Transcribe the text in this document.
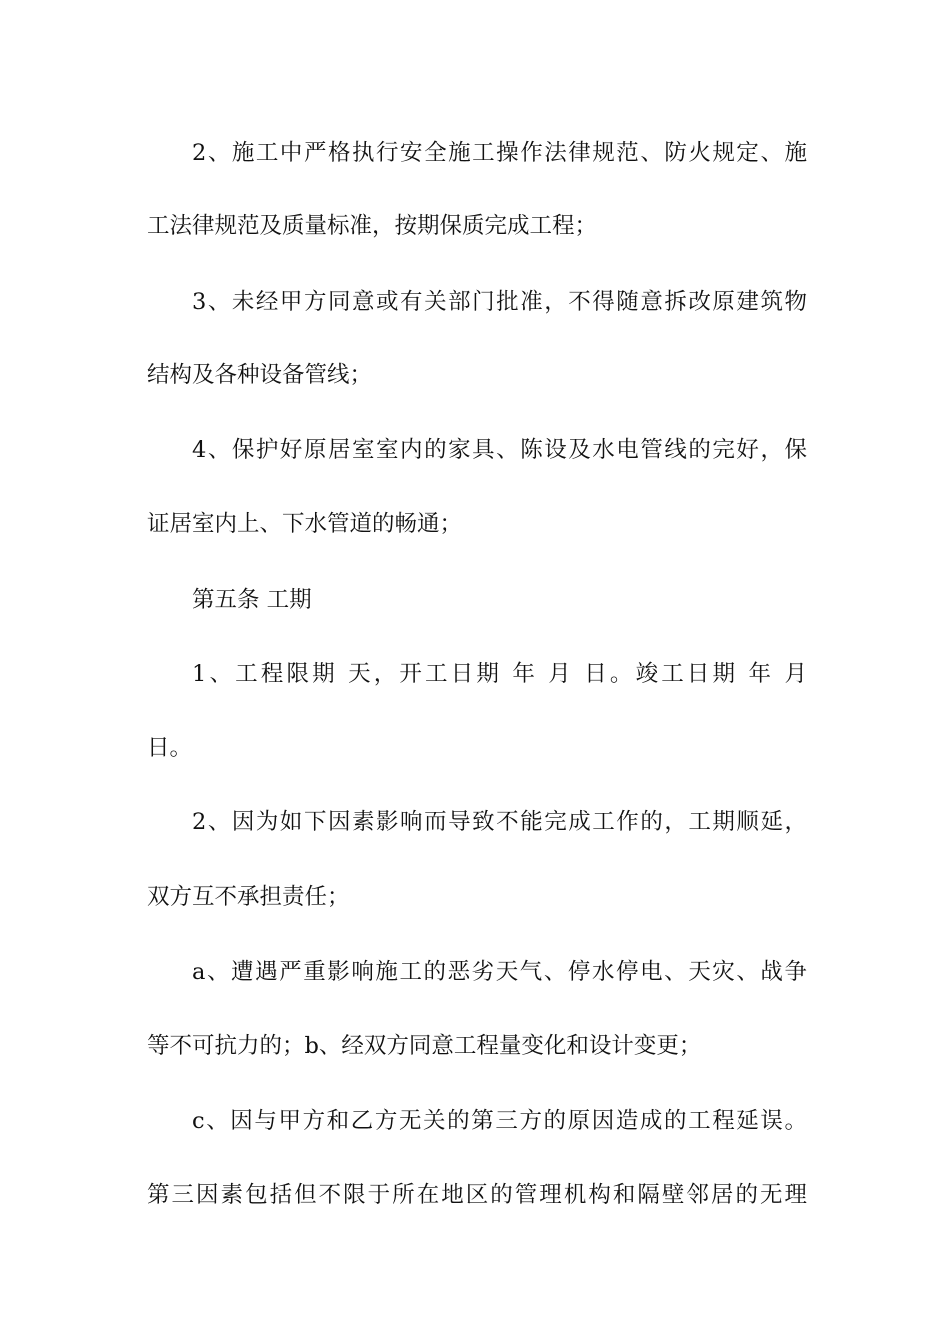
2、施工中严格执行安全施工操作法律规范、防火规定、施
工法律规范及质量标准，按期保质完成工程；
3、未经甲方同意或有关部门批准，不得随意拆改原建筑物
结构及各种设备管线；
4、保护好原居室室内的家具、陈设及水电管线的完好，保
证居室内上、下水管道的畅通；
第五条 工期
1、工程限期 天，开工日期 年 月 日。竣工日期 年 月
日。
2、因为如下因素影响而导致不能完成工作的，工期顺延，
双方互不承担责任；
a、遭遇严重影响施工的恶劣天气、停水停电、天灾、战争
等不可抗力的；b、经双方同意工程量变化和设计变更；
c、因与甲方和乙方无关的第三方的原因造成的工程延误。
第三因素包括但不限于所在地区的管理机构和隔壁邻居的无理
